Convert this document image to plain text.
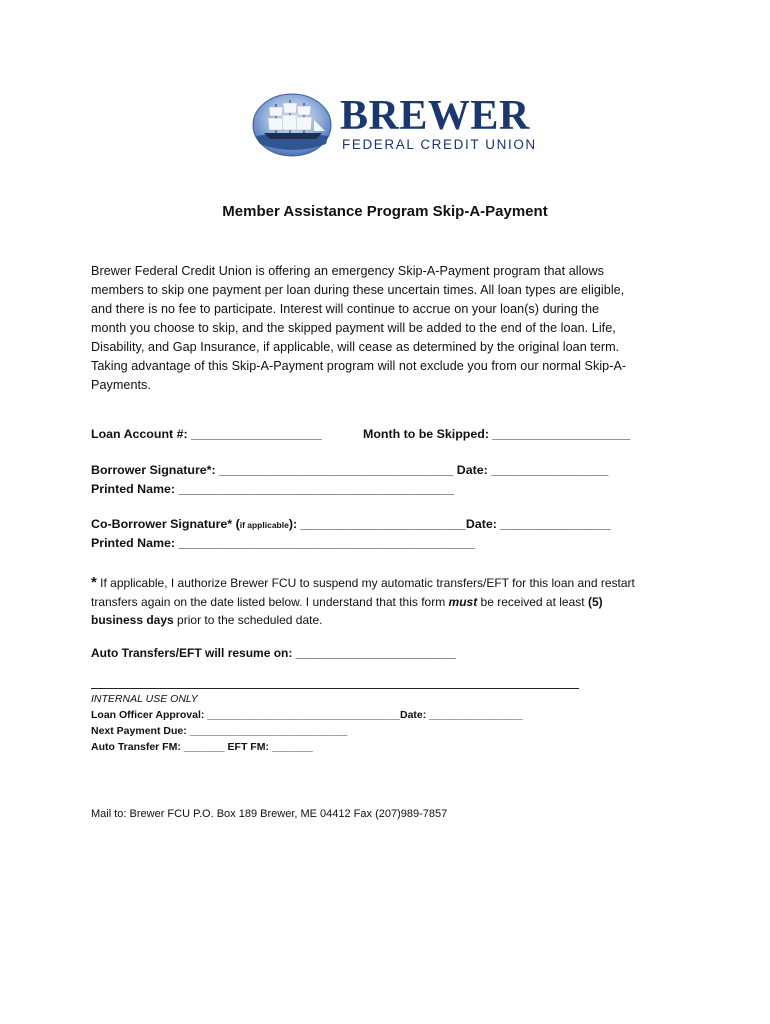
BREWER
FEDERAL CREDIT UNION
Member Assistance Program Skip-A-Payment
Brewer Federal Credit Union is offering an emergency Skip-A-Payment program that allows
members to skip one payment per loan during these uncertain times. All loan types are eligible,
and there is no fee to participate. Interest will continue to accrue on your loan(s) during the
month you choose to skip, and the skipped payment will be added to the end of the loan. Life,
Disability, and Gap Insurance, if applicable, will cease as determined by the original loan term.
Taking advantage of this Skip-A-Payment program will not exclude you from our normal Skip-A-
Payments.
Loan Account #: ___________________	Month to be Skipped: ____________________
Borrower Signature*: __________________________________ Date: _________________
Printed Name: ________________________________________
Co-Borrower Signature* (if applicable): ________________________Date: ________________
Printed Name: ___________________________________________
* If applicable, I authorize Brewer FCU to suspend my automatic transfers/EFT for this loan and restart
transfers again on the date listed below. I understand that this form must be received at least (5)
business days prior to the scheduled date.
Auto Transfers/EFT will resume on: ________________________
INTERNAL USE ONLY
Loan Officer Approval: _________________________________Date: ________________
Next Payment Due: ___________________________
Auto Transfer FM: _______ EFT FM: _______
Mail to: Brewer FCU P.O. Box 189 Brewer, ME 04412 Fax (207)989-7857
